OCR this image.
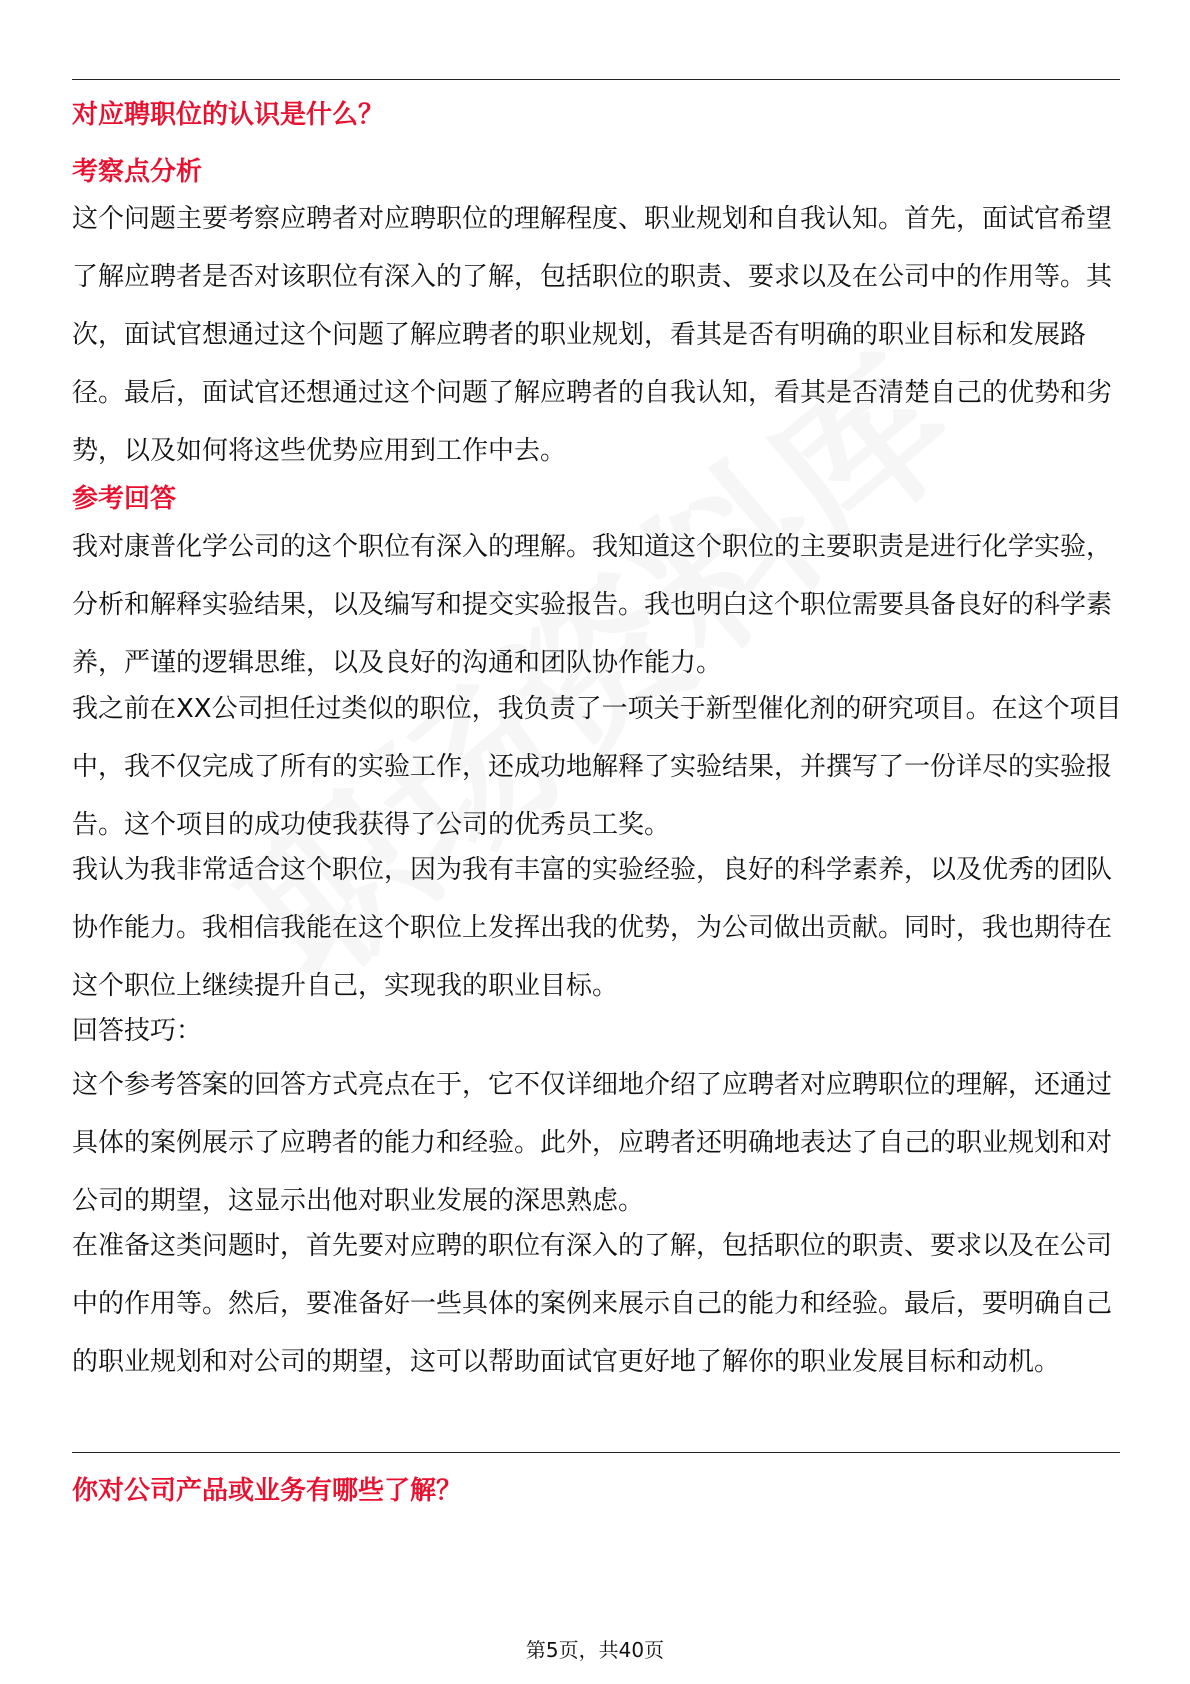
对应聘职位的认识是什么？
考察点分析
这个问题主要考察应聘者对应聘职位的理解程度、职业规划和自我认知。首先，面试官希望了解应聘者是否对该职位有深入的了解，包括职位的职责、要求以及在公司中的作用等。其次，面试官想通过这个问题了解应聘者的职业规划，看其是否有明确的职业目标和发展路径。最后，面试官还想通过这个问题了解应聘者的自我认知，看其是否清楚自己的优势和劣势，以及如何将这些优势应用到工作中去。
参考回答
我对康普化学公司的这个职位有深入的理解。我知道这个职位的主要职责是进行化学实验，分析和解释实验结果，以及编写和提交实验报告。我也明白这个职位需要具备良好的科学素养，严谨的逻辑思维，以及良好的沟通和团队协作能力。
我之前在XX公司担任过类似的职位，我负责了一项关于新型催化剂的研究项目。在这个项目中，我不仅完成了所有的实验工作，还成功地解释了实验结果，并撰写了一份详尽的实验报告。这个项目的成功使我获得了公司的优秀员工奖。
我认为我非常适合这个职位，因为我有丰富的实验经验，良好的科学素养，以及优秀的团队协作能力。我相信我能在这个职位上发挥出我的优势，为公司做出贡献。同时，我也期待在这个职位上继续提升自己，实现我的职业目标。
回答技巧：
这个参考答案的回答方式亮点在于，它不仅详细地介绍了应聘者对应聘职位的理解，还通过具体的案例展示了应聘者的能力和经验。此外，应聘者还明确地表达了自己的职业规划和对公司的期望，这显示出他对职业发展的深思熟虑。
在准备这类问题时，首先要对应聘的职位有深入的了解，包括职位的职责、要求以及在公司中的作用等。然后，要准备好一些具体的案例来展示自己的能力和经验。最后，要明确自己的职业规划和对公司的期望，这可以帮助面试官更好地了解你的职业发展目标和动机。
你对公司产品或业务有哪些了解？
第5页，共40页
